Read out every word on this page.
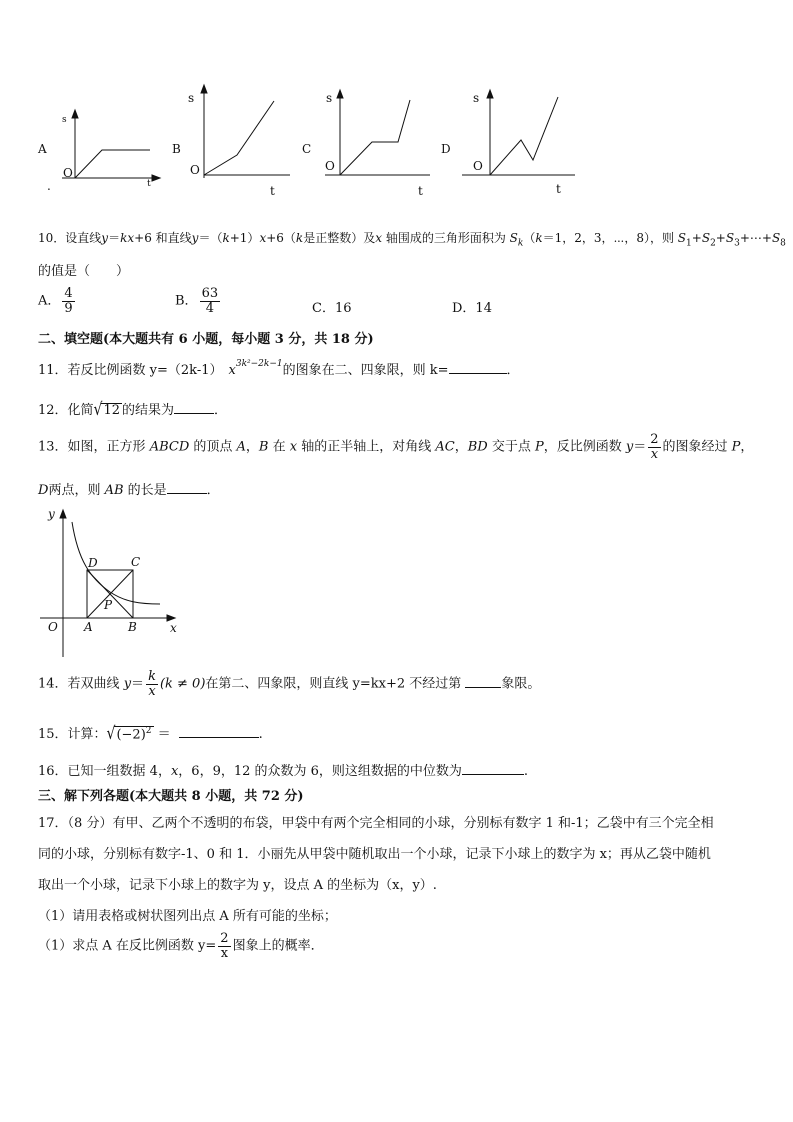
A
s
O
t
.
B
s
O
t
C
s
O
t
D
s
O
t
10．设直线y＝kx+6 和直线y＝（k+1）x+6（k是正整数）及x 轴围成的三角形面积为 $S_k(k=1$，2，3，⋯，8），则 $S_1+S_2+S_3+\cdots+S_8$
的值是（　　）
A． $\frac{4}{9}$	B． $\frac{63}{4}$	C．16	D．14
二、填空题(本大题共有 6 小题，每小题 3 分，共 18 分)
11．若反比例函数 y=（2k-1） $x^{3k^2-2k-1}$的图象在二、四象限，则 k=	．
12．化简√12 的结果为	．
13．如图，正方形 ABCD 的顶点 A，B 在 x 轴的正半轴上，对角线 AC，BD 交于点 P，反比例函数 $y= \frac{2}{x}$ 的图象经过 P，
D两点，则 AB 的长是	．
y
x
O A	B
C
D
P
14．若双曲线 $y= \frac{k}{x} (k \ne 0)$在第二、四象限，则直线 y=kx+2 不经过第	象限。
15．计算：$√(-2)^2$ ＝	.
16．已知一组数据 4，x，6，9，12 的众数为 6，则这组数据的中位数为	.
三、解下列各题(本大题共 8 小题，共 72 分)
17．（8 分）有甲、乙两个不透明的布袋，甲袋中有两个完全相同的小球，分别标有数字 1 和-1；乙袋中有三个完全相
同的小球，分别标有数字-1、0 和 1．小丽先从甲袋中随机取出一个小球，记录下小球上的数字为 x；再从乙袋中随机
取出一个小球，记录下小球上的数字为 y，设点 A 的坐标为（x，y）.
（1）请用表格或树状图列出点 A 所有可能的坐标；
（1）求点 A 在反比例函数 $y= \frac{2}{x}$ 图象上的概率．
